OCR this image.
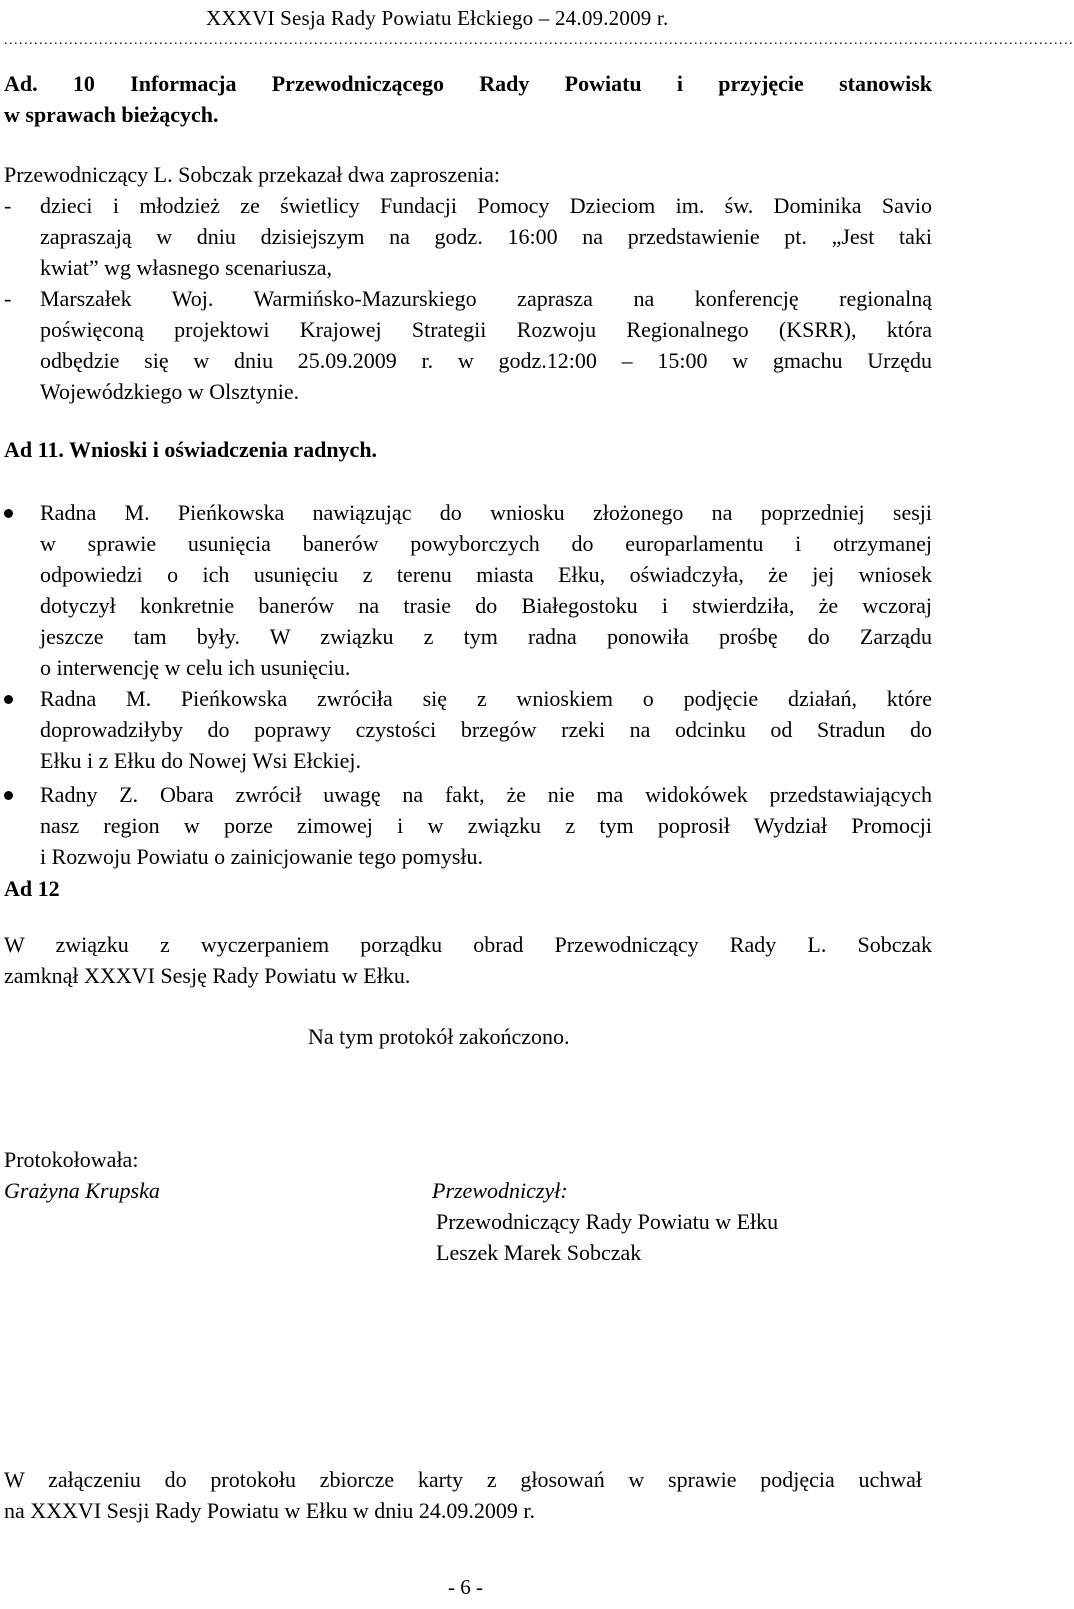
XXXVI Sesja Rady Powiatu Ełckiego – 24.09.2009 r.
......................................................................................................................................................................................................................
Ad. 10 Informacja Przewodniczącego Rady Powiatu i przyjęcie stanowisk
w sprawach bieżących.
Przewodniczący L. Sobczak przekazał dwa zaproszenia:
- dzieci i młodzież ze świetlicy Fundacji Pomocy Dzieciom im. św. Dominika Savio
zapraszają w dniu dzisiejszym na godz. 16:00 na przedstawienie pt. „Jest taki
kwiat” wg własnego scenariusza,
- Marszałek Woj. Warmińsko-Mazurskiego zaprasza na konferencję regionalną
poświęconą projektowi Krajowej Strategii Rozwoju Regionalnego (KSRR), która
odbędzie się w dniu 25.09.2009 r. w godz.12:00 – 15:00 w gmachu Urzędu
Wojewódzkiego w Olsztynie.
Ad 11. Wnioski i oświadczenia radnych.
Radna M. Pieńkowska nawiązując do wniosku złożonego na poprzedniej sesji
w sprawie usunięcia banerów powyborczych do europarlamentu i otrzymanej
odpowiedzi o ich usunięciu z terenu miasta Ełku, oświadczyła, że jej wniosek
dotyczył konkretnie banerów na trasie do Białegostoku i stwierdziła, że wczoraj
jeszcze tam były. W związku z tym radna ponowiła prośbę do Zarządu
o interwencję w celu ich usunięciu.
Radna M. Pieńkowska zwróciła się z wnioskiem o podjęcie działań, które
doprowadziłyby do poprawy czystości brzegów rzeki na odcinku od Stradun do
Ełku i z Ełku do Nowej Wsi Ełckiej.
Radny Z. Obara zwrócił uwagę na fakt, że nie ma widokówek przedstawiających
nasz region w porze zimowej i w związku z tym poprosił Wydział Promocji
i Rozwoju Powiatu o zainicjowanie tego pomysłu.
Ad 12
W związku z wyczerpaniem porządku obrad Przewodniczący Rady L. Sobczak
zamknął XXXVI Sesję Rady Powiatu w Ełku.
Na tym protokół zakończono.
Protokołowała:
Grażyna Krupska	Przewodniczył:
Przewodniczący Rady Powiatu w Ełku
Leszek Marek Sobczak
W załączeniu do protokołu zbiorcze karty z głosowań w sprawie podjęcia uchwał
na XXXVI Sesji Rady Powiatu w Ełku w dniu 24.09.2009 r.
- 6 -
